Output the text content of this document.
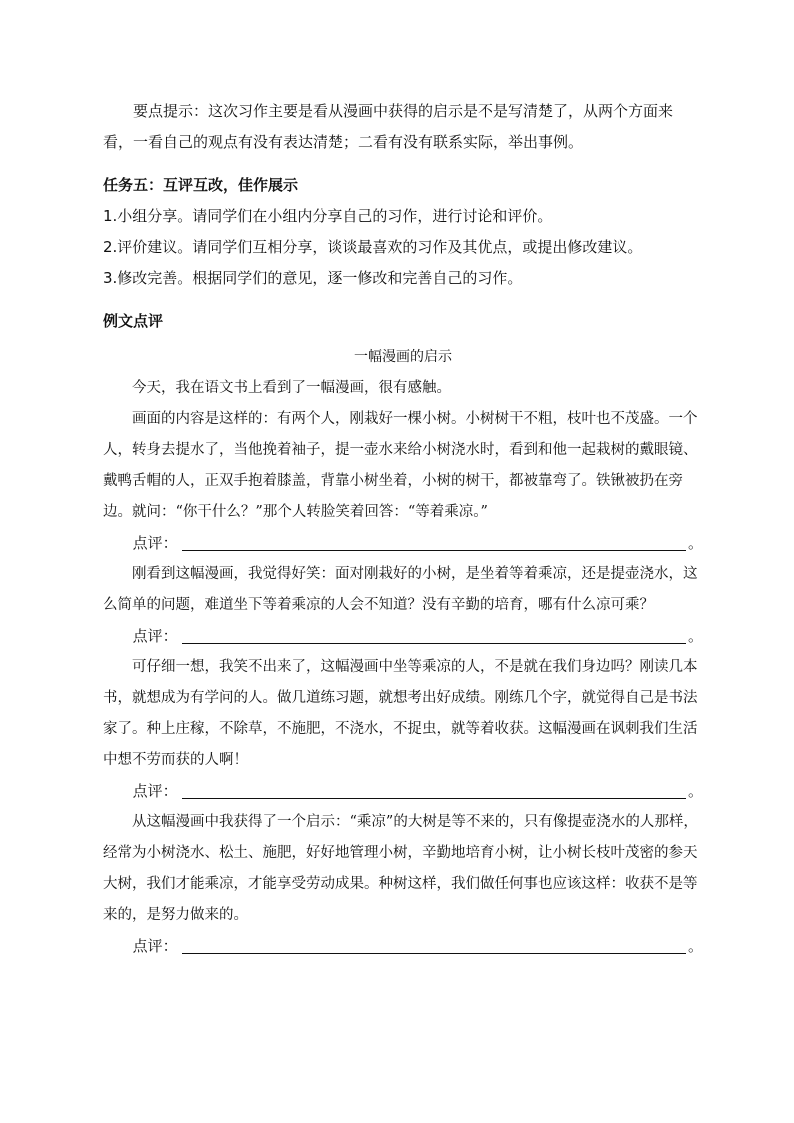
要点提示：这次习作主要是看从漫画中获得的启示是不是写清楚了，从两个方面来看，一看自己的观点有没有表达清楚；二看有没有联系实际，举出事例。

任务五：互评互改，佳作展示

1.小组分享。请同学们在小组内分享自己的习作，进行讨论和评价。

2.评价建议。请同学们互相分享，谈谈最喜欢的习作及其优点，或提出修改建议。

3.修改完善。根据同学们的意见，逐一修改和完善自己的习作。

例文点评

一幅漫画的启示

今天，我在语文书上看到了一幅漫画，很有感触。

画面的内容是这样的：有两个人，刚栽好一棵小树。小树树干不粗，枝叶也不茂盛。一个人，转身去提水了，当他挽着袖子，提一壶水来给小树浇水时，看到和他一起栽树的戴眼镜、戴鸭舌帽的人，正双手抱着膝盖，背靠小树坐着，小树的树干，都被靠弯了。铁锹被扔在旁边。就问：“你干什么？”那个人转脸笑着回答：“等着乘凉。”

点评：	。

刚看到这幅漫画，我觉得好笑：面对刚栽好的小树，是坐着等着乘凉，还是提壶浇水，这么简单的问题，难道坐下等着乘凉的人会不知道？没有辛勤的培育，哪有什么凉可乘？

点评：	。

可仔细一想，我笑不出来了，这幅漫画中坐等乘凉的人，不是就在我们身边吗？刚读几本书，就想成为有学问的人。做几道练习题，就想考出好成绩。刚练几个字，就觉得自己是书法家了。种上庄稼，不除草，不施肥，不浇水，不捉虫，就等着收获。这幅漫画在讽刺我们生活中想不劳而获的人啊！

点评：	。

从这幅漫画中我获得了一个启示：“乘凉”的大树是等不来的，只有像提壶浇水的人那样，经常为小树浇水、松土、施肥，好好地管理小树，辛勤地培育小树，让小树长枝叶茂密的参天大树，我们才能乘凉，才能享受劳动成果。种树这样，我们做任何事也应该这样：收获不是等来的，是努力做来的。

点评：	。
